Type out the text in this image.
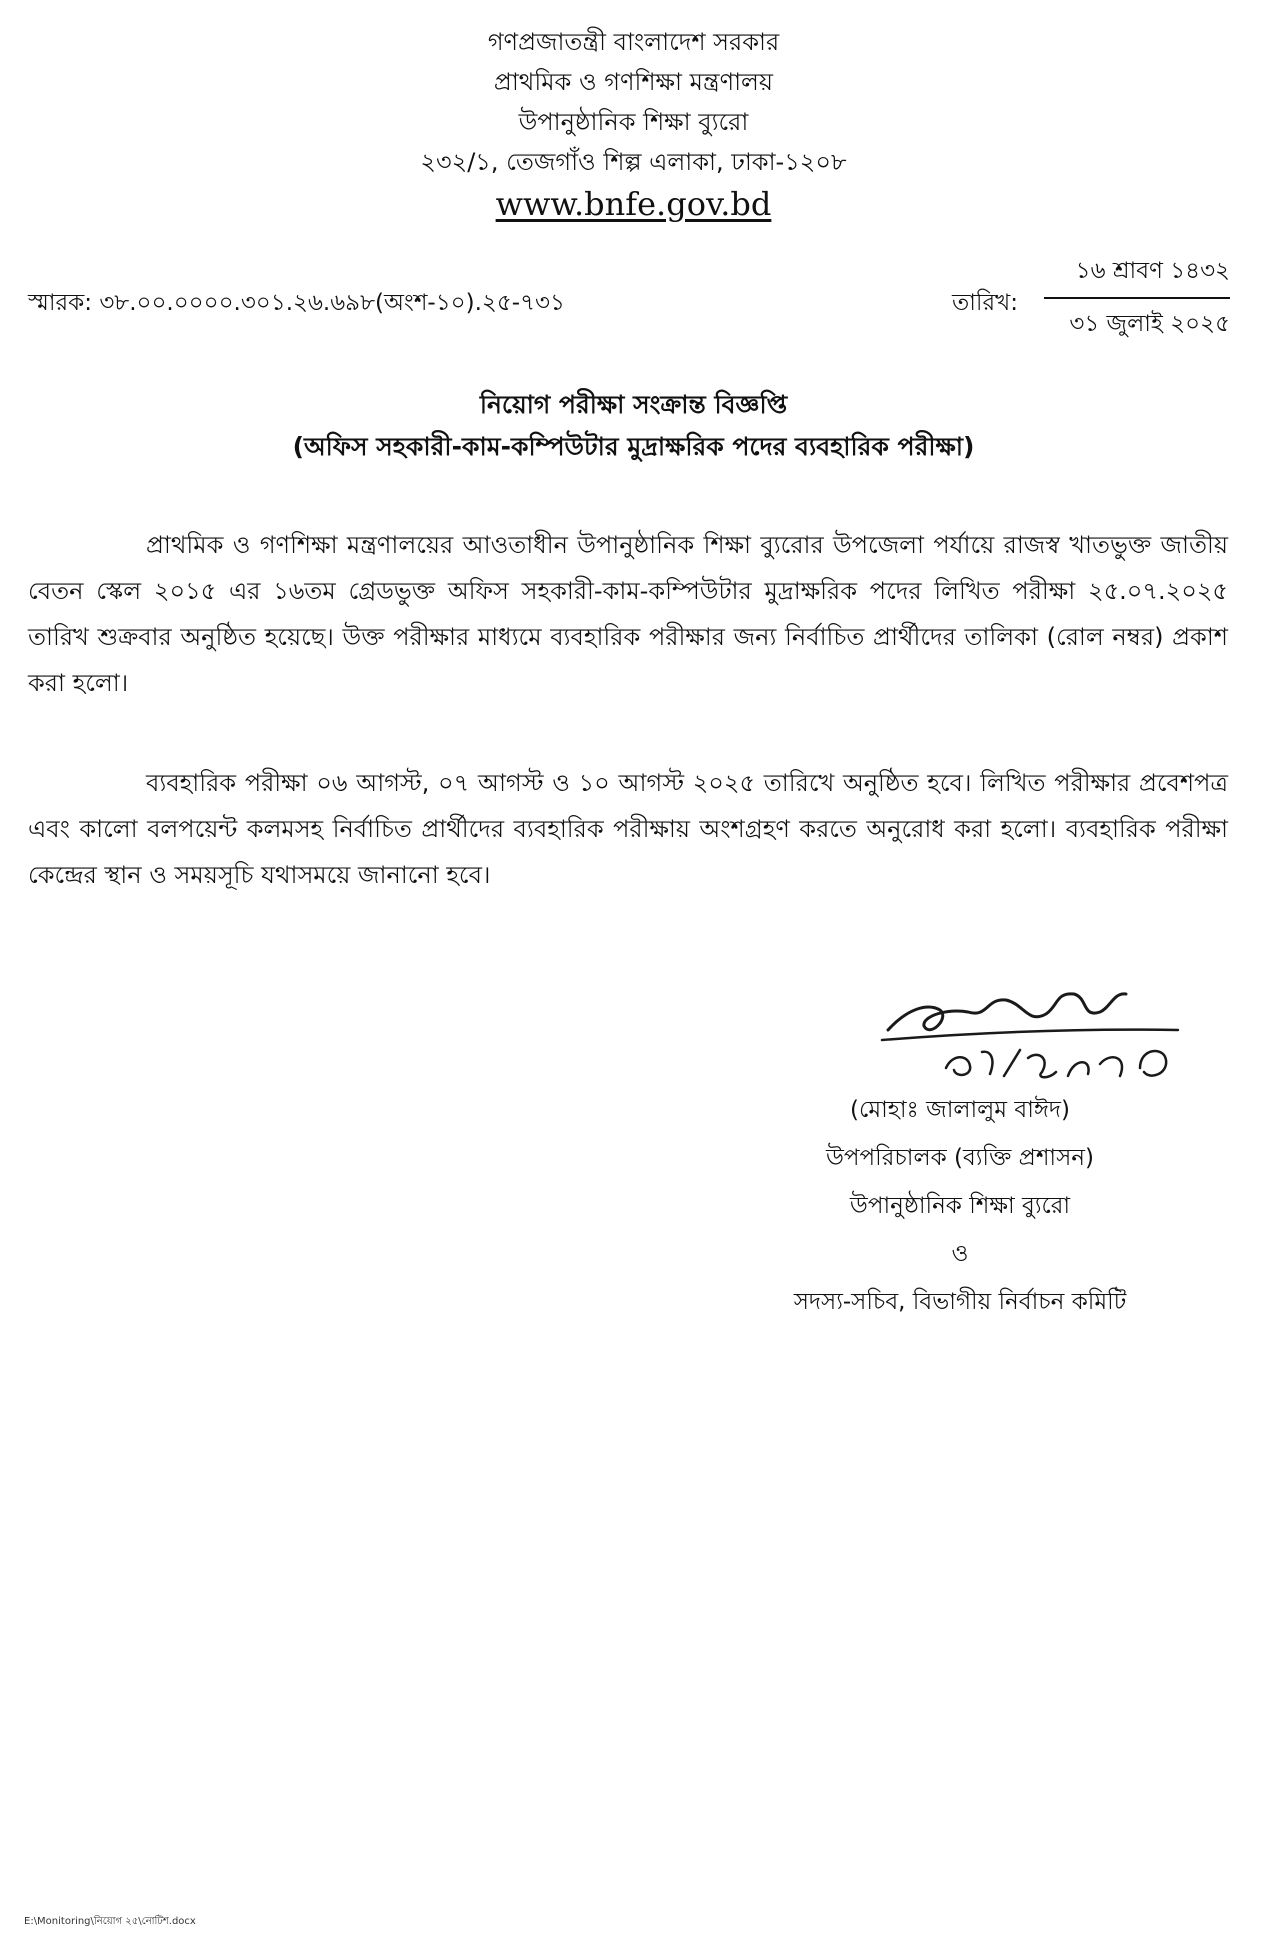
গণপ্রজাতন্ত্রী বাংলাদেশ সরকার
প্রাথমিক ও গণশিক্ষা মন্ত্রণালয়
উপানুষ্ঠানিক শিক্ষা ব্যুরো
২৩২/১, তেজগাঁও শিল্প এলাকা, ঢাকা-১২০৮
www.bnfe.gov.bd
স্মারক: ৩৮.০০.০০০০.৩০১.২৬.৬৯৮(অংশ-১০).২৫-৭৩১	তারিখ:
১৬ শ্রাবণ ১৪৩২
৩১ জুলাই ২০২৫
নিয়োগ পরীক্ষা সংক্রান্ত বিজ্ঞপ্তি
(অফিস সহকারী-কাম-কম্পিউটার মুদ্রাক্ষরিক পদের ব্যবহারিক পরীক্ষা)
প্রাথমিক ও গণশিক্ষা মন্ত্রণালয়ের আওতাধীন উপানুষ্ঠানিক শিক্ষা ব্যুরোর উপজেলা পর্যায়ে রাজস্ব খাতভুক্ত জাতীয় বেতন স্কেল ২০১৫ এর ১৬তম গ্রেডভুক্ত অফিস সহকারী-কাম-কম্পিউটার মুদ্রাক্ষরিক পদের লিখিত পরীক্ষা ২৫.০৭.২০২৫ তারিখ শুক্রবার অনুষ্ঠিত হয়েছে। উক্ত পরীক্ষার মাধ্যমে ব্যবহারিক পরীক্ষার জন্য নির্বাচিত প্রার্থীদের তালিকা (রোল নম্বর) প্রকাশ করা হলো।
ব্যবহারিক পরীক্ষা ০৬ আগস্ট, ০৭ আগস্ট ও ১০ আগস্ট ২০২৫ তারিখে অনুষ্ঠিত হবে। লিখিত পরীক্ষার প্রবেশপত্র এবং কালো বলপয়েন্ট কলমসহ নির্বাচিত প্রার্থীদের ব্যবহারিক পরীক্ষায় অংশগ্রহণ করতে অনুরোধ করা হলো। ব্যবহারিক পরীক্ষা কেন্দ্রের স্থান ও সময়সূচি যথাসময়ে জানানো হবে।
(মোহাঃ জালালুম বাঈদ)
উপপরিচালক (ব্যক্তি প্রশাসন)
উপানুষ্ঠানিক শিক্ষা ব্যুরো
ও
সদস্য-সচিব, বিভাগীয় নির্বাচন কমিটি
E:\Monitoring\নিয়োগ ২৫\নোটিশ.docx
